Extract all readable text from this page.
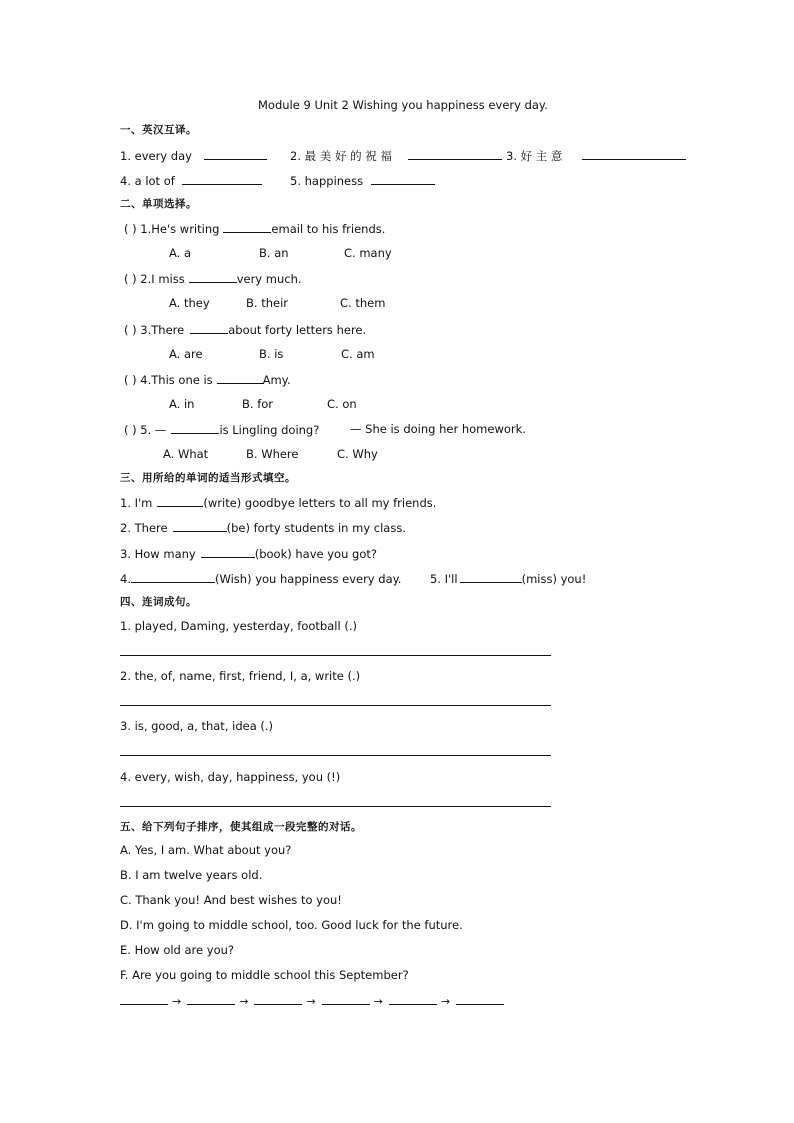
Module 9 Unit 2 Wishing you happiness every day.
一、英汉互译。
1. every day	2. 最 美 好 的 祝 福	3. 好 主 意
4. a lot of	5. happiness
二、单项选择。
( ) 1.He's writing	email to his friends.
A. a	B. an	C. many
( ) 2.I miss	very much.
A. they	B. their	C. them
( ) 3.There	about forty letters here.
A. are	B. is	C. am
( ) 4.This one is	Amy.
A. in	B. for	C. on
( ) 5. —	is Lingling doing?	— She is doing her homework.
A. What	B. Where	C. Why
三、用所给的单词的适当形式填空。
1. I'm	(write) goodbye letters to all my friends.
2. There	(be) forty students in my class.
3. How many	(book) have you got?
4.	(Wish) you happiness every day. 5. I'll	(miss) you!
四、连词成句。
1. played, Daming, yesterday, football (.)
2. the, of, name, first, friend, I, a, write (.)
3. is, good, a, that, idea (.)
4. every, wish, day, happiness, you (!)
五、给下列句子排序，使其组成一段完整的对话。
A. Yes, I am. What about you?
B. I am twelve years old.
C. Thank you! And best wishes to you!
D. I'm going to middle school, too. Good luck for the future.
E. How old are you?
F. Are you going to middle school this September?
→	→	→	→	→
